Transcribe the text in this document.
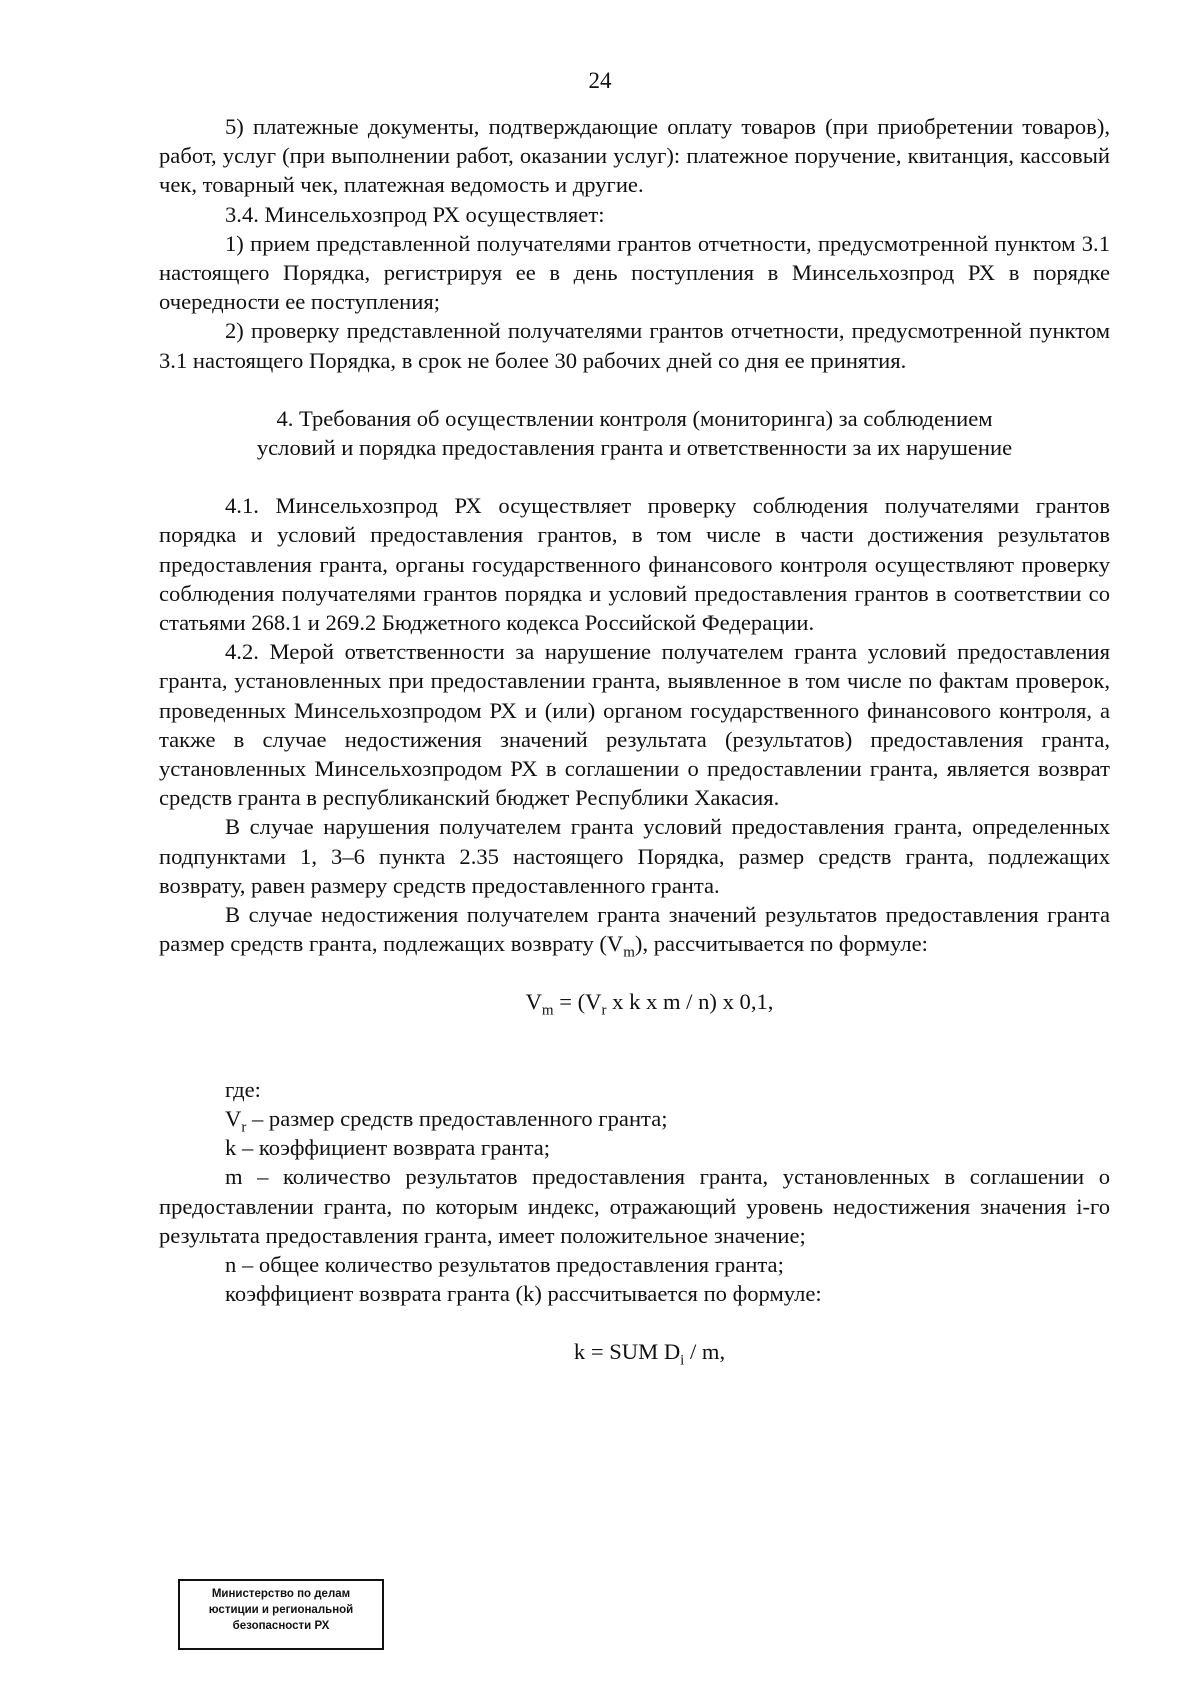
24

5) платежные документы, подтверждающие оплату товаров (при приобретении товаров), работ, услуг (при выполнении работ, оказании услуг): платежное поручение, квитанция, кассовый чек, товарный чек, платежная ведомость и другие.

3.4. Минсельхозпрод РХ осуществляет:

1) прием представленной получателями грантов отчетности, предусмотренной пунктом 3.1 настоящего Порядка, регистрируя ее в день поступления в Минсельхозпрод РХ в порядке очередности ее поступления;

2) проверку представленной получателями грантов отчетности, предусмотренной пунктом 3.1 настоящего Порядка, в срок не более 30 рабочих дней со дня ее принятия.

4. Требования об осуществлении контроля (мониторинга) за соблюдением
условий и порядка предоставления гранта и ответственности за их нарушение

4.1. Минсельхозпрод РХ осуществляет проверку соблюдения получателями грантов порядка и условий предоставления грантов, в том числе в части достижения результатов предоставления гранта, органы государственного финансового контроля осуществляют проверку соблюдения получателями грантов порядка и условий предоставления грантов в соответствии со статьями 268.1 и 269.2 Бюджетного кодекса Российской Федерации.

4.2. Мерой ответственности за нарушение получателем гранта условий предоставления гранта, установленных при предоставлении гранта, выявленное в том числе по фактам проверок, проведенных Минсельхозпродом РХ и (или) органом государственного финансового контроля, а также в случае недостижения значений результата (результатов) предоставления гранта, установленных Минсельхозпродом РХ в соглашении о предоставлении гранта, является возврат средств гранта в республиканский бюджет Республики Хакасия.

В случае нарушения получателем гранта условий предоставления гранта, определенных подпунктами 1, 3–6 пункта 2.35 настоящего Порядка, размер средств гранта, подлежащих возврату, равен размеру средств предоставленного гранта.

В случае недостижения получателем гранта значений результатов предоставления гранта размер средств гранта, подлежащих возврату $(V_m)$, рассчитывается по формуле:

$V_m = (V_r$ x k x m / n) x 0,1,

где:

$V_r$ – размер средств предоставленного гранта;

k – коэффициент возврата гранта;

m – количество результатов предоставления гранта, установленных в соглашении о предоставлении гранта, по которым индекс, отражающий уровень недостижения значения i-го результата предоставления гранта, имеет положительное значение;

n – общее количество результатов предоставления гранта;

коэффициент возврата гранта (k) рассчитывается по формуле:

k = SUM $D_i$ / m,

Министерство по делам
юстиции и региональной
безопасности РХ
